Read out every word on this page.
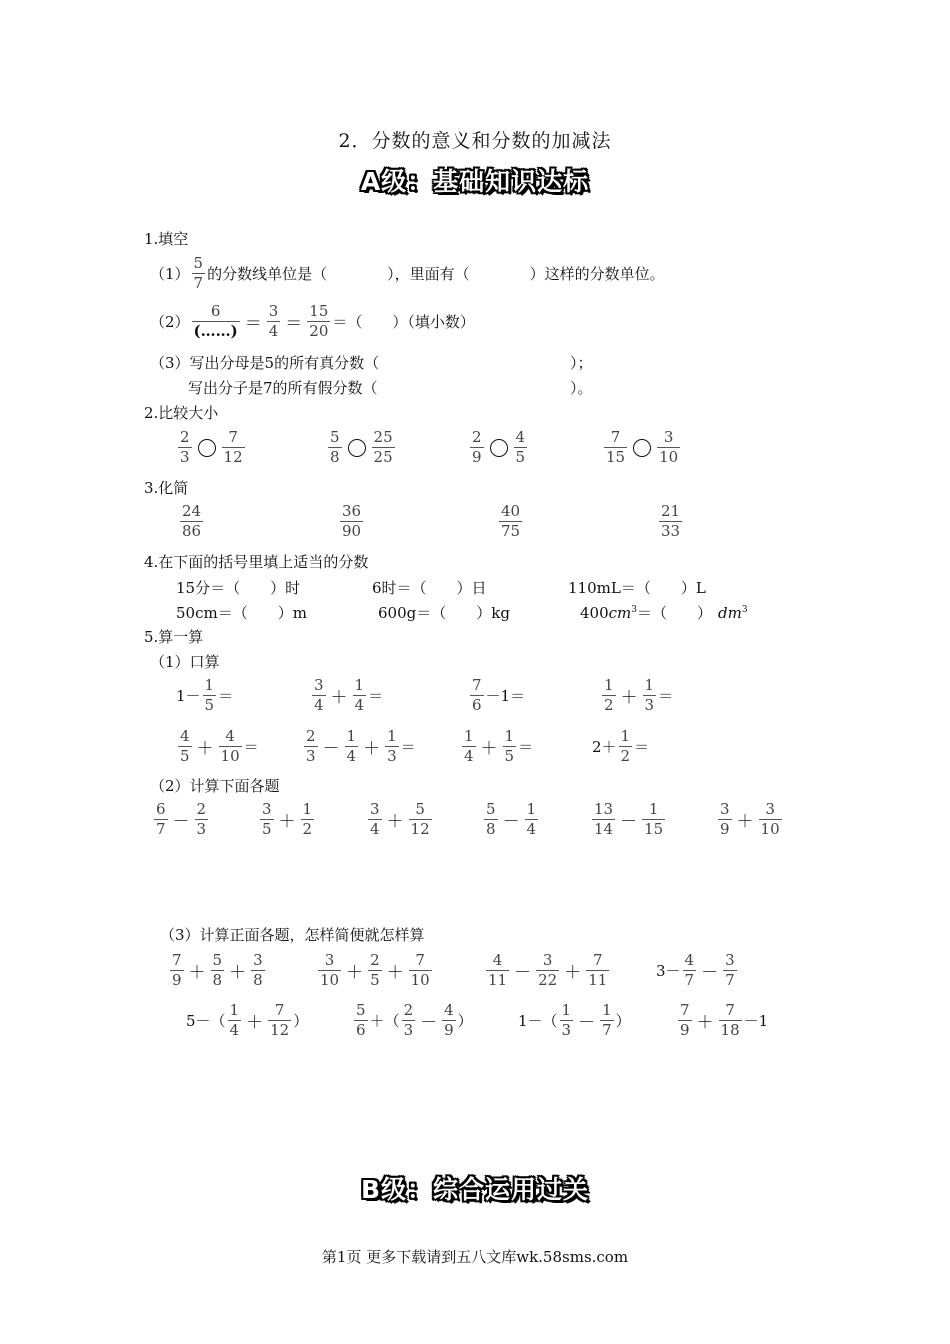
2．分数的意义和分数的加减法
A级：基础知识达标
1.填空
$(1) \frac{5}{7}$ 的分数线单位是（	），里面有（	）这样的分数单位。
$(2) \frac{6}{(\dots\dots)} = \frac{3}{4} = \frac{15}{20}$ ＝（　　）（填小数）
（3）写出分母是5的所有真分数（	）；
写出分子是7的所有假分数（	）。
2.比较大小
$\frac{2}{3} \frac{7}{12}$	$\frac{5}{8} \frac{25}{25}$	$\frac{2}{9} \frac{4}{5}$	$\frac{7}{15} \frac{3}{10}$
3.化简
$\frac{24}{86}$	$\frac{36}{90}$	$\frac{40}{75}$	$\frac{21}{33}$
4.在下面的括号里填上适当的分数
15分＝（　　）时	6时＝（　　）日	110mL＝（　　）L
50cm＝（　　）m	600g＝（　　）kg	$400cm^3=$（　　） $dm^3$
5.算一算
（1）口算
$1- \frac{1}{5}$ ＝	$\frac{3}{4} + \frac{1}{4}$ ＝	$\frac{7}{6} -1=$	$\frac{1}{2} + \frac{1}{3}$ ＝
$\frac{4}{5} + \frac{4}{10}$ ＝	$\frac{2}{3} - \frac{1}{4} + \frac{1}{3}$ ＝	$\frac{1}{4} + \frac{1}{5}$ ＝	$2+ \frac{1}{2}$ ＝
（2）计算下面各题
$\frac{6}{7} - \frac{2}{3}$	$\frac{3}{5} + \frac{1}{2}$	$\frac{3}{4} + \frac{5}{12}$	$\frac{5}{8} - \frac{1}{4}$	$\frac{13}{14} - \frac{1}{15}$	$\frac{3}{9} + \frac{3}{10}$
（3）计算正面各题，怎样简便就怎样算
$\frac{7}{9} + \frac{5}{8} + \frac{3}{8}$	$\frac{3}{10} + \frac{2}{5} + \frac{7}{10}$	$\frac{4}{11} - \frac{3}{22} + \frac{7}{11}$	$3- \frac{4}{7} - \frac{3}{7}$
$5-( \frac{1}{4} + \frac{7}{12}$ ）	$\frac{5}{6}$ ＋（ $\frac{2}{3} - \frac{4}{9}$ ）	$1-( \frac{1}{3} - \frac{1}{7}$ ）	$\frac{7}{9} + \frac{7}{18} -1$
B级：综合运用过关
第1页 更多下载请到五八文库wk.58sms.com
